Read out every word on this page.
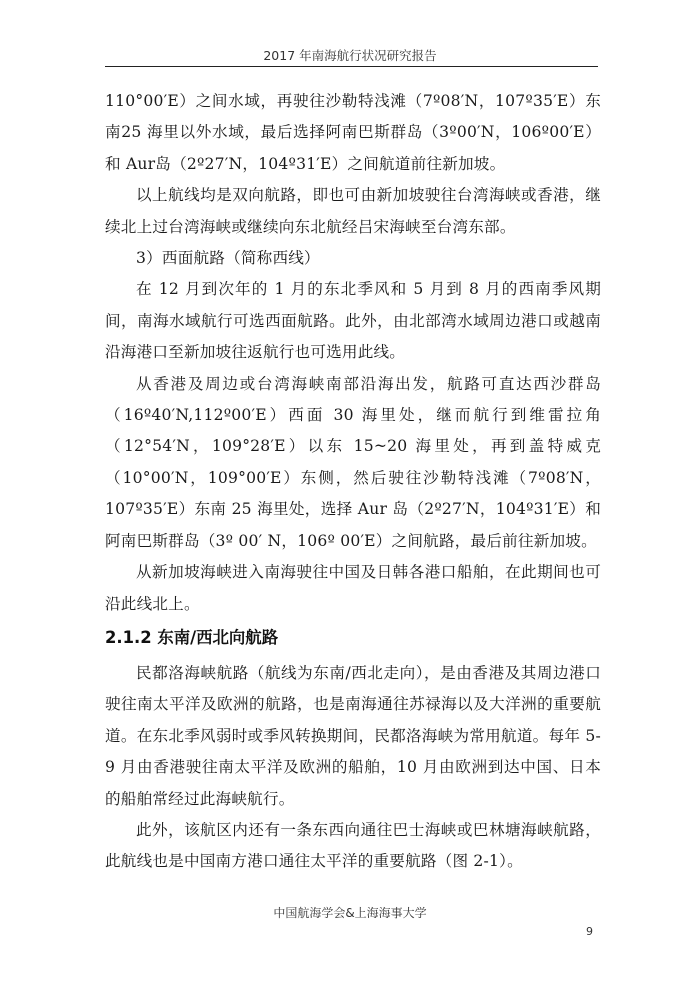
2017 年南海航行状况研究报告

110°00′E）之间水域，再驶往沙勒特浅滩（7º08′N，107º35′E）东南25 海里以外水域，最后选择阿南巴斯群岛（3º00′N，106º00′E）和 Aur岛（2º27′N，104º31′E）之间航道前往新加坡。

以上航线均是双向航路，即也可由新加坡驶往台湾海峡或香港，继续北上过台湾海峡或继续向东北航经吕宋海峡至台湾东部。

3）西面航路（简称西线）

在 12 月到次年的 1 月的东北季风和 5 月到 8 月的西南季风期间，南海水域航行可选西面航路。此外，由北部湾水域周边港口或越南沿海港口至新加坡往返航行也可选用此线。

从香港及周边或台湾海峡南部沿海出发，航路可直达西沙群岛（16º40′N,112º00′E）西面 30 海里处，继而航行到维雷拉角（12°54′N，109°28′E）以东 15~20 海里处，再到盖特威克（10°00′N，109°00′E）东侧，然后驶往沙勒特浅滩（7º08′N，107º35′E）东南 25 海里处，选择 Aur 岛（2º27′N，104º31′E）和阿南巴斯群岛（3º 00′ N，106º 00′E）之间航路，最后前往新加坡。

从新加坡海峡进入南海驶往中国及日韩各港口船舶，在此期间也可沿此线北上。

2.1.2 东南/西北向航路

民都洛海峡航路（航线为东南/西北走向），是由香港及其周边港口驶往南太平洋及欧洲的航路，也是南海通往苏禄海以及大洋洲的重要航道。在东北季风弱时或季风转换期间，民都洛海峡为常用航道。每年 5-9 月由香港驶往南太平洋及欧洲的船舶，10 月由欧洲到达中国、日本的船舶常经过此海峡航行。

此外，该航区内还有一条东西向通往巴士海峡或巴林塘海峡航路，此航线也是中国南方港口通往太平洋的重要航路（图 2-1）。

中国航海学会&上海海事大学
9
